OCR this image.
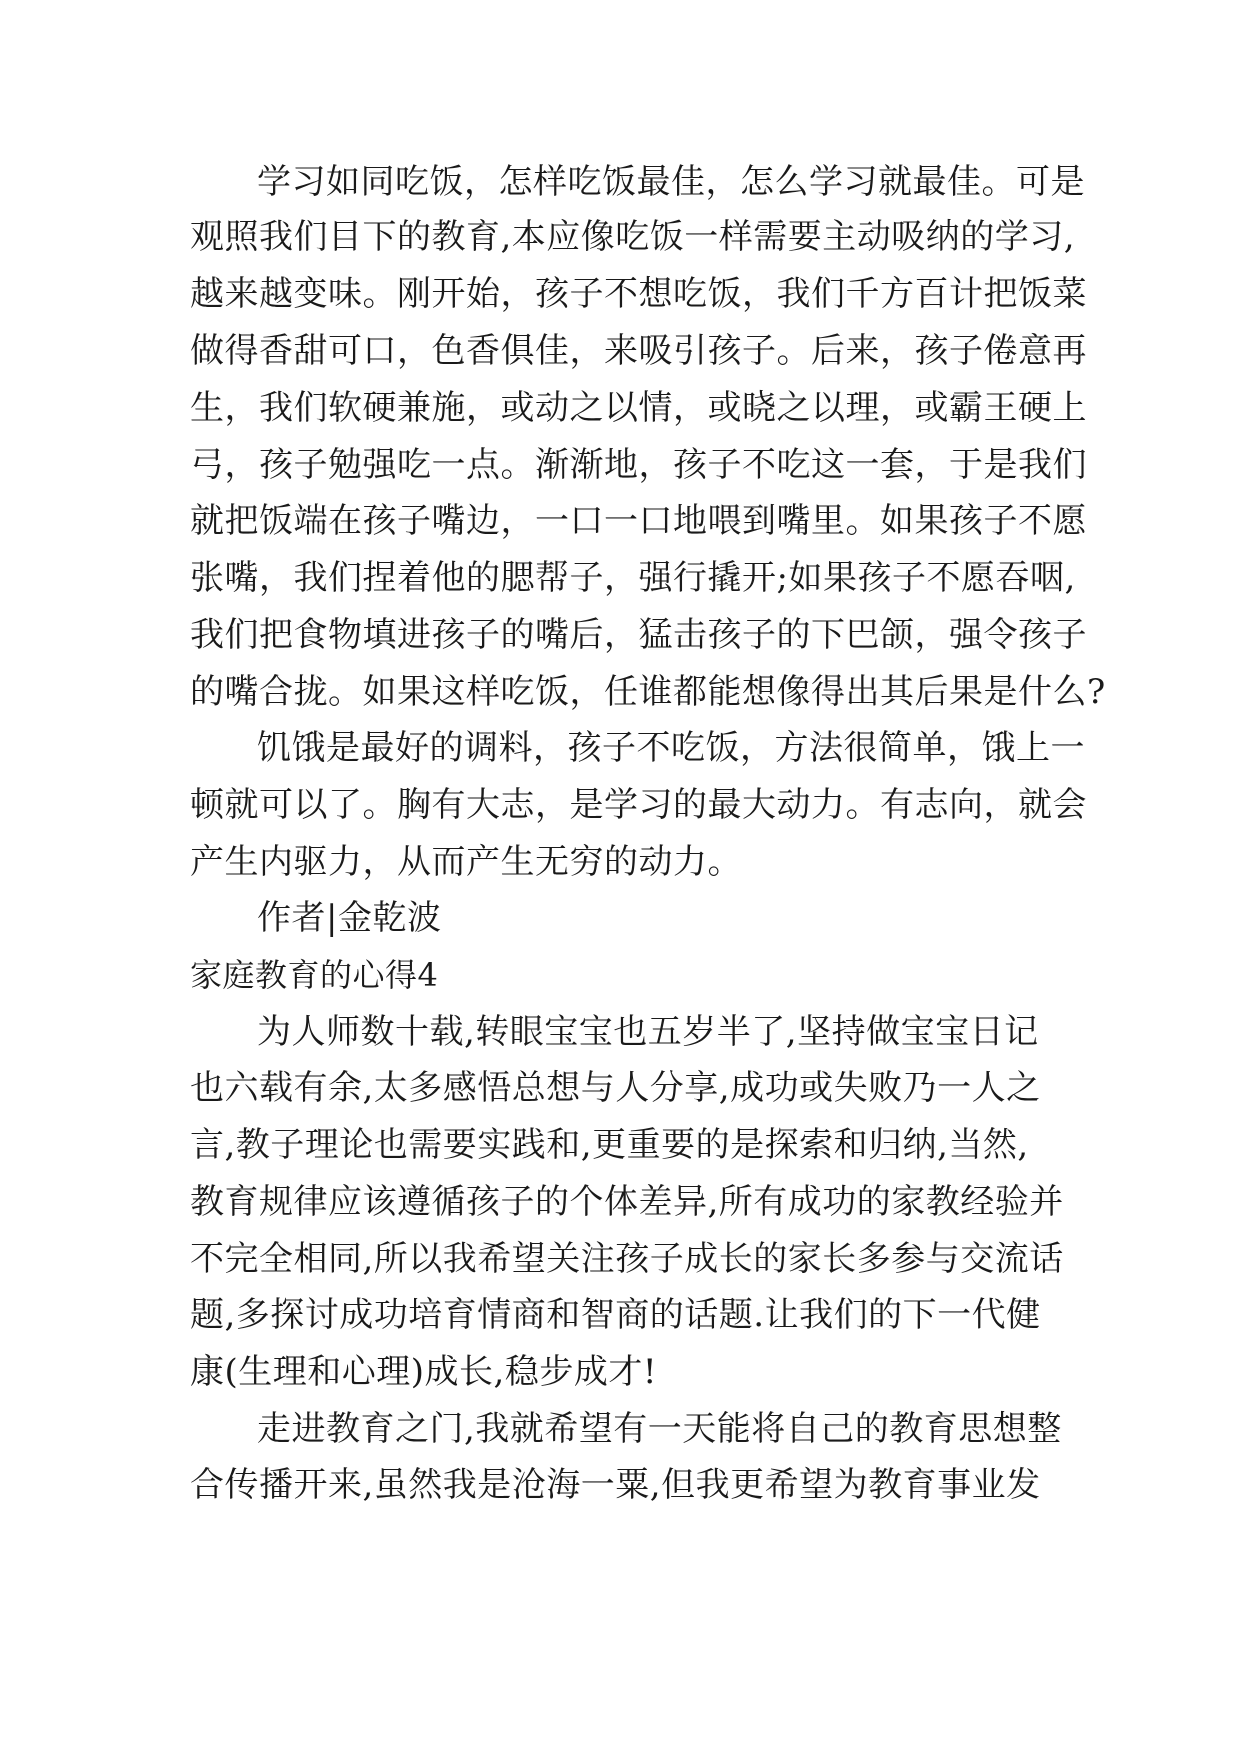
学习如同吃饭，怎样吃饭最佳，怎么学习就最佳。可是
观照我们目下的教育,本应像吃饭一样需要主动吸纳的学习,
越来越变味。刚开始，孩子不想吃饭，我们千方百计把饭菜
做得香甜可口，色香俱佳，来吸引孩子。后来，孩子倦意再
生，我们软硬兼施，或动之以情，或晓之以理，或霸王硬上
弓，孩子勉强吃一点。渐渐地，孩子不吃这一套，于是我们
就把饭端在孩子嘴边，一口一口地喂到嘴里。如果孩子不愿
张嘴，我们捏着他的腮帮子，强行撬开;如果孩子不愿吞咽,
我们把食物填进孩子的嘴后，猛击孩子的下巴颌，强令孩子
的嘴合拢。如果这样吃饭，任谁都能想像得出其后果是什么?
饥饿是最好的调料，孩子不吃饭，方法很简单，饿上一
顿就可以了。胸有大志，是学习的最大动力。有志向，就会
产生内驱力，从而产生无穷的动力。
作者|金乾波
家庭教育的心得4
为人师数十载,转眼宝宝也五岁半了,坚持做宝宝日记
也六载有余,太多感悟总想与人分享,成功或失败乃一人之
言,教子理论也需要实践和,更重要的是探索和归纳,当然,
教育规律应该遵循孩子的个体差异,所有成功的家教经验并
不完全相同,所以我希望关注孩子成长的家长多参与交流话
题,多探讨成功培育情商和智商的话题.让我们的下一代健
康(生理和心理)成长,稳步成才!
走进教育之门,我就希望有一天能将自己的教育思想整
合传播开来,虽然我是沧海一粟,但我更希望为教育事业发
